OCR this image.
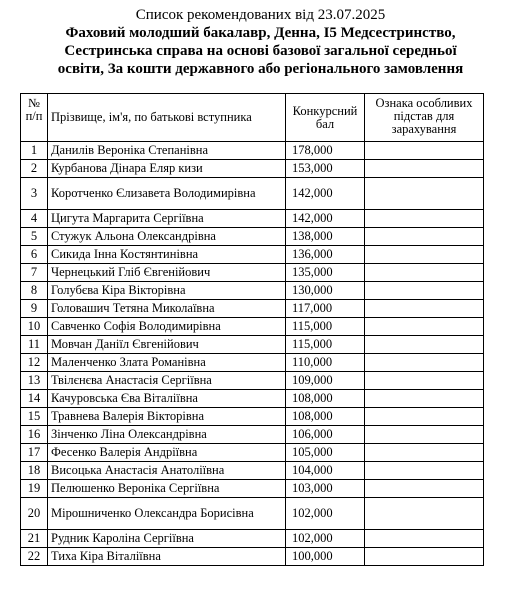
Список рекомендованих від 23.07.2025

Фаховий молодший бакалавр, Денна, I5 Медсестринство,

Сестринська справа на основі базової загальної середньої

освіти, За кошти державного або регіонального замовлення

№ п/п	Прізвище, ім'я, по батькові вступника	Конкурсний бал	Ознака особливих підстав для зарахування
1	Данилів Вероніка Степанівна	178,000	
2	Курбанова Дінара Еляр кизи	153,000	
3	Коротченко Єлизавета Володимирівна	142,000	
4	Цигута Маргарита Сергіївна	142,000	
5	Стужук Альона Олександрівна	138,000	
6	Сикида Інна Костянтинівна	136,000	
7	Чернецький Гліб Євгенійович	135,000	
8	Голубєва Кіра Вікторівна	130,000	
9	Головашич Тетяна Миколаївна	117,000	
10	Савченко Софія Володимирівна	115,000	
11	Мовчан Даніїл Євгенійович	115,000	
12	Маленченко Злата Романівна	110,000	
13	Твілєнєва Анастасія Сергіївна	109,000	
14	Качуровська Єва Віталіївна	108,000	
15	Травнева Валерія Вікторівна	108,000	
16	Зінченко Ліна Олександрівна	106,000	
17	Фесенко Валерія Андріївна	105,000	
18	Висоцька Анастасія Анатоліївна	104,000	
19	Пелюшенко Вероніка Сергіївна	103,000	
20	Мірошниченко Олександра Борисівна	102,000	
21	Рудник Кароліна Сергіївна	102,000	
22	Тиха Кіра Віталіївна	100,000	
